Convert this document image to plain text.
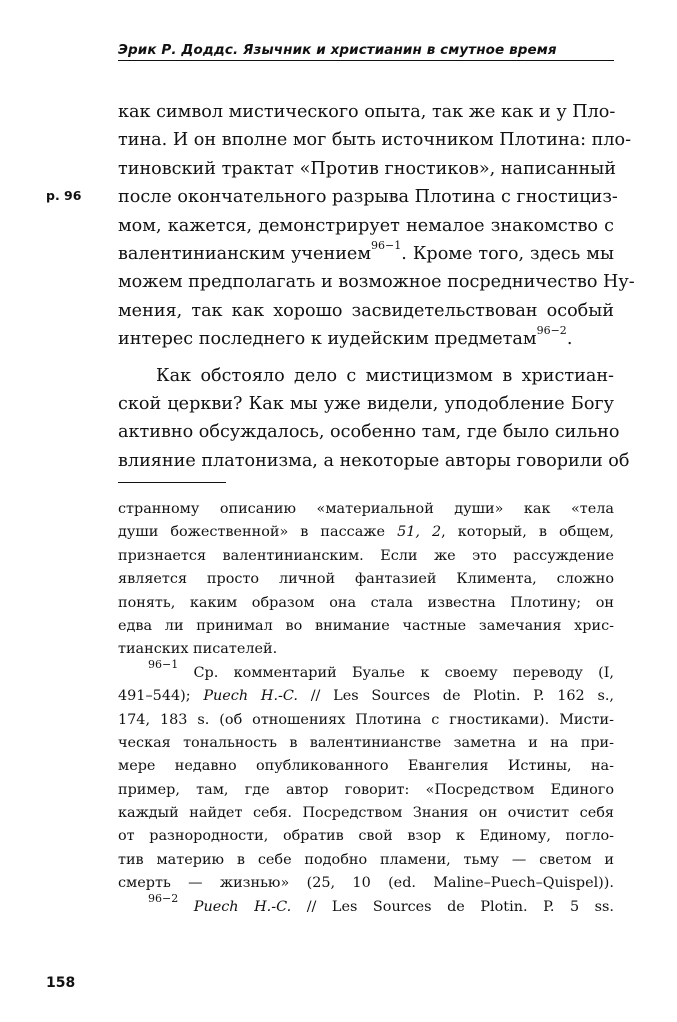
Эрик Р. Доддс. Язычник и христианин в смутное время
р. 96
как символ мистического опыта, так же как и у Пло-
тина. И он вполне мог быть источником Плотина: пло-
тиновский трактат «Против гностиков», написанный
после окончательного разрыва Плотина с гностициз-
мом, кажется, демонстрирует немалое знакомство с
валентинианским учением$^{96-1}$. Кроме того, здесь мы
можем предполагать и возможное посредничество Ну-
мения, так как хорошо засвидетельствован особый
интерес последнего к иудейским предметам$^{96-2}$.
Как обстояло дело с мистицизмом в христиан-
ской церкви? Как мы уже видели, уподобление Богу
активно обсуждалось, особенно там, где было сильно
влияние платонизма, а некоторые авторы говорили об
странному описанию «материальной души» как «тела
души божественной» в пассаже 51, 2, который, в общем,
признается валентинианским. Если же это рассуждение
является просто личной фантазией Климента, сложно
понять, каким образом она стала известна Плотину; он
едва ли принимал во внимание частные замечания хрис-
тианских писателей.
$^{96-1}$ Ср. комментарий Буалье к своему переводу (I,
491–544); Puech H.-C. // Les Sources de Plotin. P. 162 s.,
174, 183 s. (об отношениях Плотина с гностиками). Мисти-
ческая тональность в валентинианстве заметна и на при-
мере недавно опубликованного Евангелия Истины, на-
пример, там, где автор говорит: «Посредством Единого
каждый найдет себя. Посредством Знания он очистит себя
от разнородности, обратив свой взор к Единому, погло-
тив материю в себе подобно пламени, тьму — светом и
смерть — жизнью» (25, 10 (ed. Maline–Puech–Quispel)).
$^{96-2}$ Puech H.-C. // Les Sources de Plotin. P. 5 ss.
158
